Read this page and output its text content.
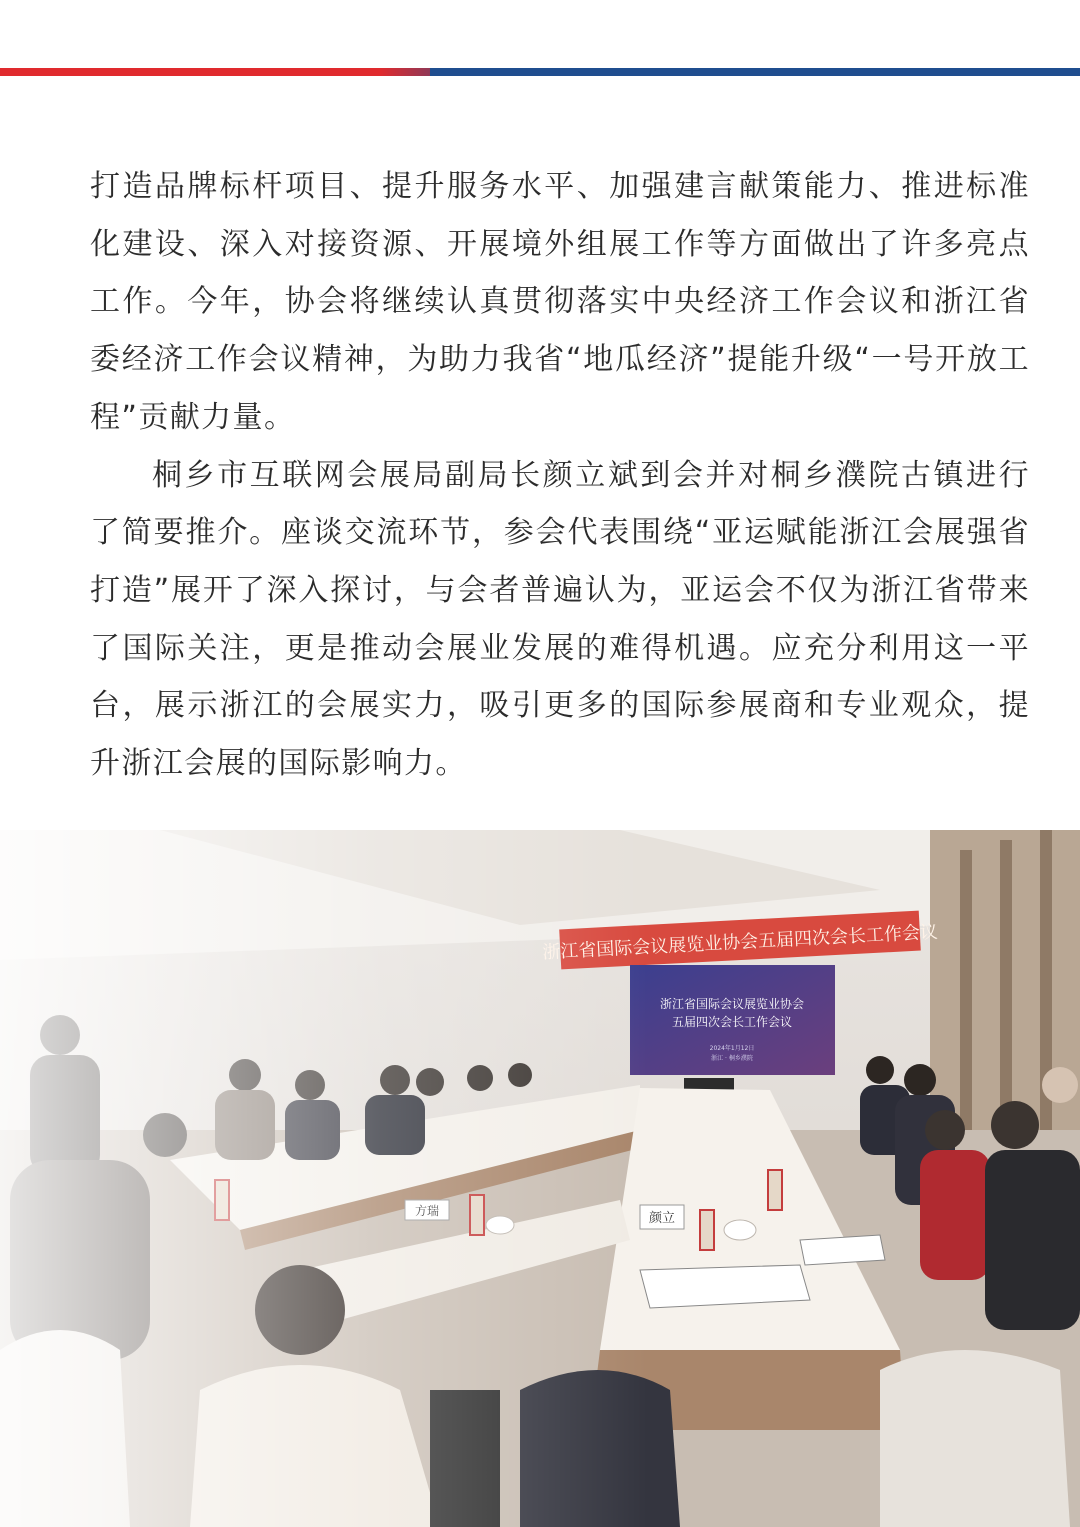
打造品牌标杆项目、提升服务水平、加强建言献策能力、推进标准化建设、深入对接资源、开展境外组展工作等方面做出了许多亮点工作。今年，协会将继续认真贯彻落实中央经济工作会议和浙江省委经济工作会议精神，为助力我省“地瓜经济”提能升级“一号开放工程”贡献力量。

桐乡市互联网会展局副局长颜立斌到会并对桐乡濮院古镇进行了简要推介。座谈交流环节，参会代表围绕“亚运赋能浙江会展强省打造”展开了深入探讨，与会者普遍认为，亚运会不仅为浙江省带来了国际关注，更是推动会展业发展的难得机遇。应充分利用这一平台，展示浙江的会展实力，吸引更多的国际参展商和专业观众，提升浙江会展的国际影响力。
